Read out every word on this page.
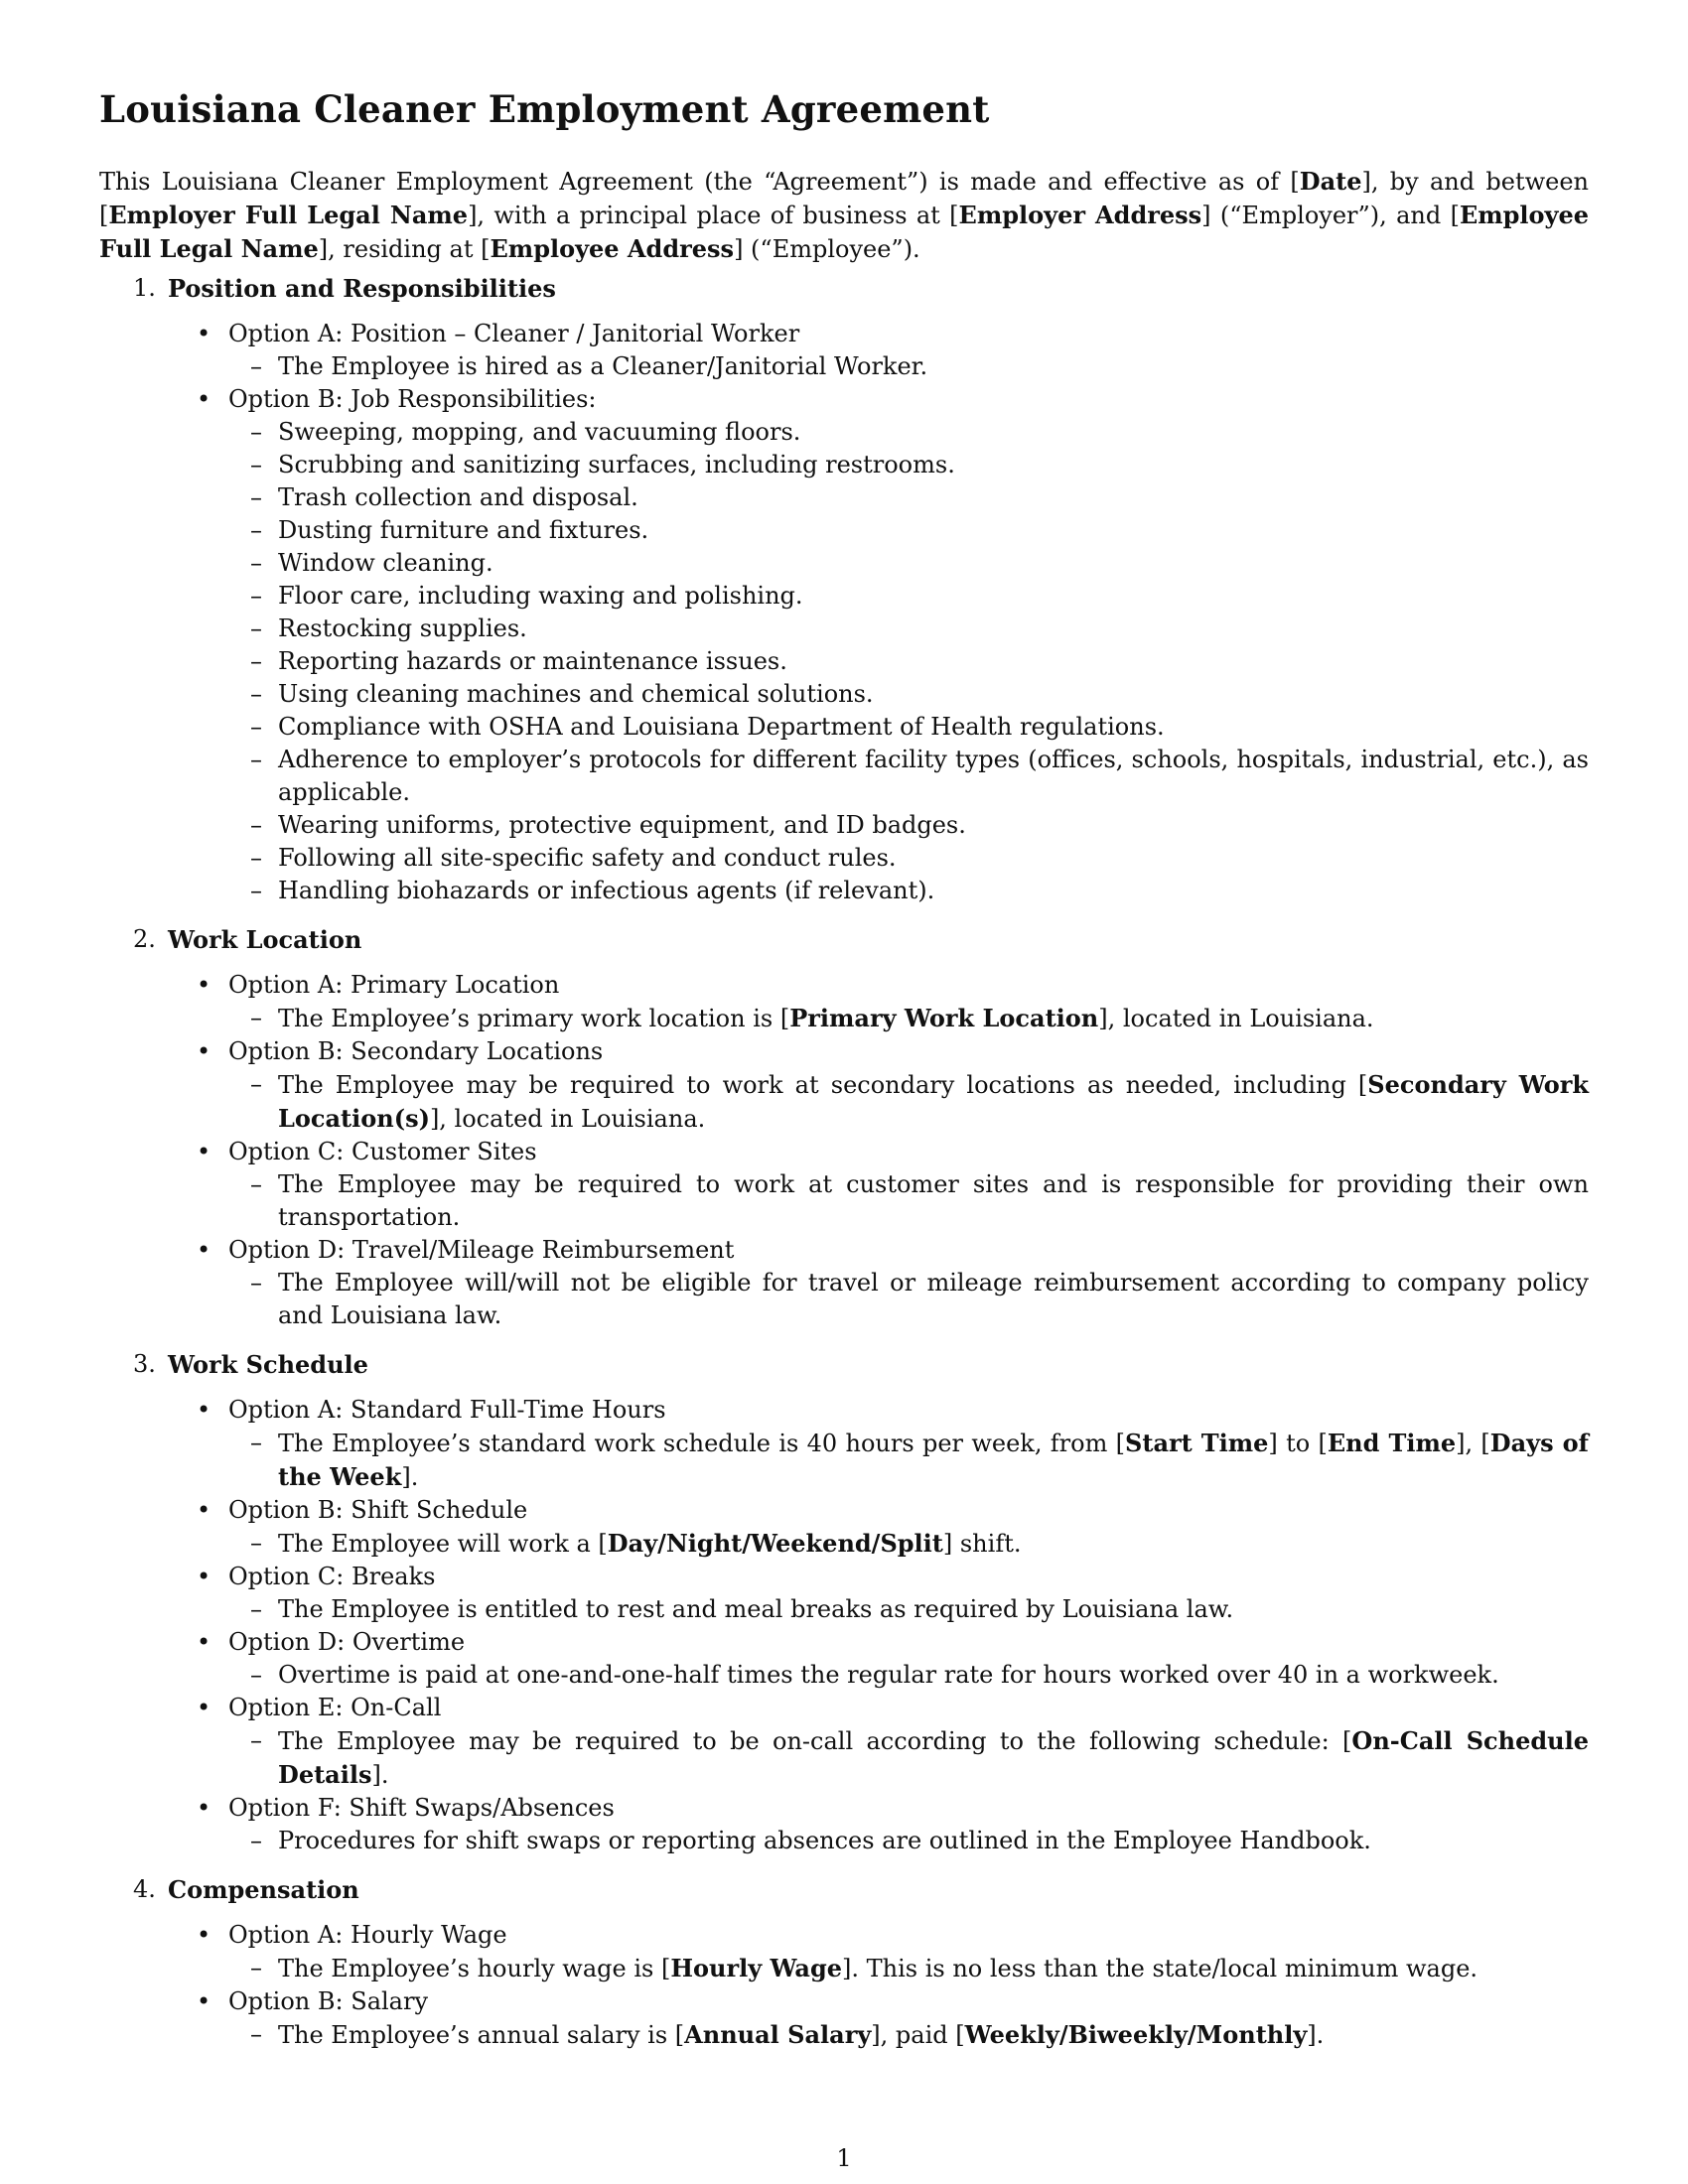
Louisiana Cleaner Employment Agreement

This Louisiana Cleaner Employment Agreement (the “Agreement”) is made and effective as of [Date], by and between [Employer Full Legal Name], with a principal place of business at [Employer Address] (“Employer”), and [Employee Full Legal Name], residing at [Employee Address] (“Employee”).

1. Position and Responsibilities
• Option A: Position – Cleaner / Janitorial Worker
– The Employee is hired as a Cleaner/Janitorial Worker.
• Option B: Job Responsibilities:
– Sweeping, mopping, and vacuuming floors.
– Scrubbing and sanitizing surfaces, including restrooms.
– Trash collection and disposal.
– Dusting furniture and fixtures.
– Window cleaning.
– Floor care, including waxing and polishing.
– Restocking supplies.
– Reporting hazards or maintenance issues.
– Using cleaning machines and chemical solutions.
– Compliance with OSHA and Louisiana Department of Health regulations.
– Adherence to employer’s protocols for different facility types (offices, schools, hospitals, industrial, etc.), as applicable.
– Wearing uniforms, protective equipment, and ID badges.
– Following all site-specific safety and conduct rules.
– Handling biohazards or infectious agents (if relevant).
2. Work Location
• Option A: Primary Location
– The Employee’s primary work location is [Primary Work Location], located in Louisiana.
• Option B: Secondary Locations
– The Employee may be required to work at secondary locations as needed, including [Secondary Work Location(s)], located in Louisiana.
• Option C: Customer Sites
– The Employee may be required to work at customer sites and is responsible for providing their own transportation.
• Option D: Travel/Mileage Reimbursement
– The Employee will/will not be eligible for travel or mileage reimbursement according to company policy and Louisiana law.
3. Work Schedule
• Option A: Standard Full-Time Hours
– The Employee’s standard work schedule is 40 hours per week, from [Start Time] to [End Time], [Days of the Week].
• Option B: Shift Schedule
– The Employee will work a [Day/Night/Weekend/Split] shift.
• Option C: Breaks
– The Employee is entitled to rest and meal breaks as required by Louisiana law.
• Option D: Overtime
– Overtime is paid at one-and-one-half times the regular rate for hours worked over 40 in a workweek.
• Option E: On-Call
– The Employee may be required to be on-call according to the following schedule: [On-Call Schedule Details].
• Option F: Shift Swaps/Absences
– Procedures for shift swaps or reporting absences are outlined in the Employee Handbook.
4. Compensation
• Option A: Hourly Wage
– The Employee’s hourly wage is [Hourly Wage]. This is no less than the state/local minimum wage.
• Option B: Salary
– The Employee’s annual salary is [Annual Salary], paid [Weekly/Biweekly/Monthly].
1
